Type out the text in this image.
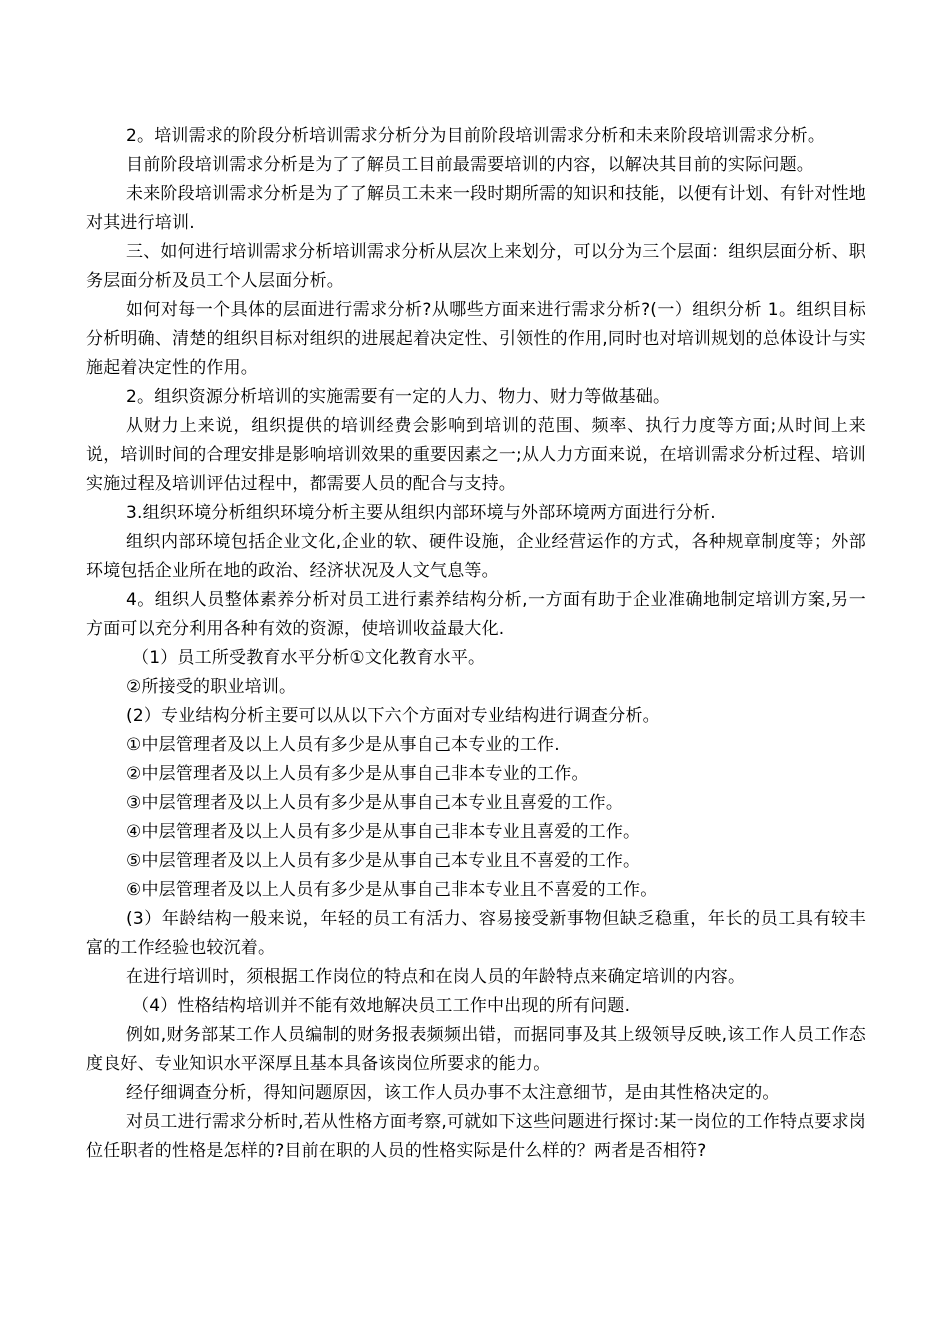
2。培训需求的阶段分析培训需求分析分为目前阶段培训需求分析和未来阶段培训需求分析。

目前阶段培训需求分析是为了了解员工目前最需要培训的内容，以解决其目前的实际问题。

未来阶段培训需求分析是为了了解员工未来一段时期所需的知识和技能，以便有计划、有针对性地对其进行培训.

三、如何进行培训需求分析培训需求分析从层次上来划分，可以分为三个层面：组织层面分析、职务层面分析及员工个人层面分析。

如何对每一个具体的层面进行需求分析?从哪些方面来进行需求分析?(一）组织分析 1。组织目标分析明确、清楚的组织目标对组织的进展起着决定性、引领性的作用,同时也对培训规划的总体设计与实施起着决定性的作用。

2。组织资源分析培训的实施需要有一定的人力、物力、财力等做基础。

从财力上来说，组织提供的培训经费会影响到培训的范围、频率、执行力度等方面;从时间上来说，培训时间的合理安排是影响培训效果的重要因素之一;从人力方面来说，在培训需求分析过程、培训实施过程及培训评估过程中，都需要人员的配合与支持。

3.组织环境分析组织环境分析主要从组织内部环境与外部环境两方面进行分析.

组织内部环境包括企业文化,企业的软、硬件设施，企业经营运作的方式，各种规章制度等；外部环境包括企业所在地的政治、经济状况及人文气息等。

4。组织人员整体素养分析对员工进行素养结构分析,一方面有助于企业准确地制定培训方案,另一方面可以充分利用各种有效的资源，使培训收益最大化.

（1）员工所受教育水平分析①文化教育水平。

②所接受的职业培训。

(2）专业结构分析主要可以从以下六个方面对专业结构进行调查分析。

①中层管理者及以上人员有多少是从事自己本专业的工作.

②中层管理者及以上人员有多少是从事自己非本专业的工作。

③中层管理者及以上人员有多少是从事自己本专业且喜爱的工作。

④中层管理者及以上人员有多少是从事自己非本专业且喜爱的工作。

⑤中层管理者及以上人员有多少是从事自己本专业且不喜爱的工作。

⑥中层管理者及以上人员有多少是从事自己非本专业且不喜爱的工作。

(3）年龄结构一般来说，年轻的员工有活力、容易接受新事物但缺乏稳重，年长的员工具有较丰富的工作经验也较沉着。

在进行培训时，须根据工作岗位的特点和在岗人员的年龄特点来确定培训的内容。

（4）性格结构培训并不能有效地解决员工工作中出现的所有问题.

例如,财务部某工作人员编制的财务报表频频出错，而据同事及其上级领导反映,该工作人员工作态度良好、专业知识水平深厚且基本具备该岗位所要求的能力。

经仔细调查分析，得知问题原因，该工作人员办事不太注意细节，是由其性格决定的。

对员工进行需求分析时,若从性格方面考察,可就如下这些问题进行探讨:某一岗位的工作特点要求岗位任职者的性格是怎样的?目前在职的人员的性格实际是什么样的？两者是否相符?
